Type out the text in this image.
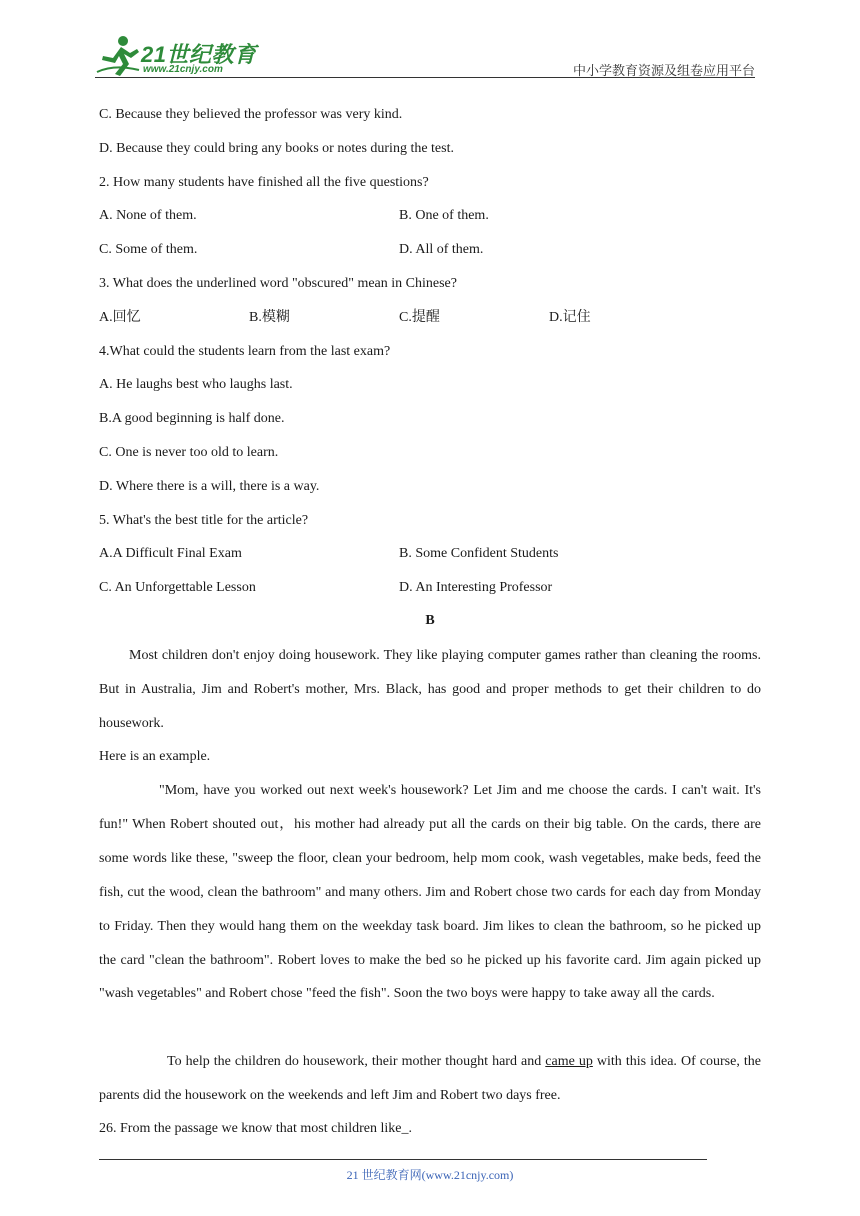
21世纪教育
www.21cnjy.com	中小学教育资源及组卷应用平台
C. Because they believed the professor was very kind.
D. Because they could bring any books or notes during the test.
2. How many students have finished all the five questions?
A. None of them.	B. One of them.
C. Some of them.	D. All of them.
3. What does the underlined word "obscured" mean in Chinese?
A.回忆	B.模糊	C.提醒	D.记住
4.What could the students learn from the last exam?
A. He laughs best who laughs last.
B.A good beginning is half done.
C. One is never too old to learn.
D. Where there is a will, there is a way.
5. What's the best title for the article?
A.A Difficult Final Exam	B. Some Confident Students
C. An Unforgettable Lesson	D. An Interesting Professor
B
Most children don't enjoy doing housework. They like playing computer games rather than cleaning the rooms. But in Australia, Jim and Robert's mother, Mrs. Black, has good and proper methods to get their children to do housework.
Here is an example.
"Mom, have you worked out next week's housework? Let Jim and me choose the cards. I can't wait. It's fun!" When Robert shouted out，his mother had already put all the cards on their big table. On the cards, there are some words like these, "sweep the floor, clean your bedroom, help mom cook, wash vegetables, make beds, feed the fish, cut the wood, clean the bathroom" and many others. Jim and Robert chose two cards for each day from Monday to Friday. Then they would hang them on the weekday task board. Jim likes to clean the bathroom, so he picked up the card "clean the bathroom". Robert loves to make the bed so he picked up his favorite card. Jim again picked up "wash vegetables" and Robert chose "feed the fish". Soon the two boys were happy to take away all the cards.
To help the children do housework, their mother thought hard and came up with this idea. Of course, the parents did the housework on the weekends and left Jim and Robert two days free.
26. From the passage we know that most children like_.
21 世纪教育网(www.21cnjy.com)
